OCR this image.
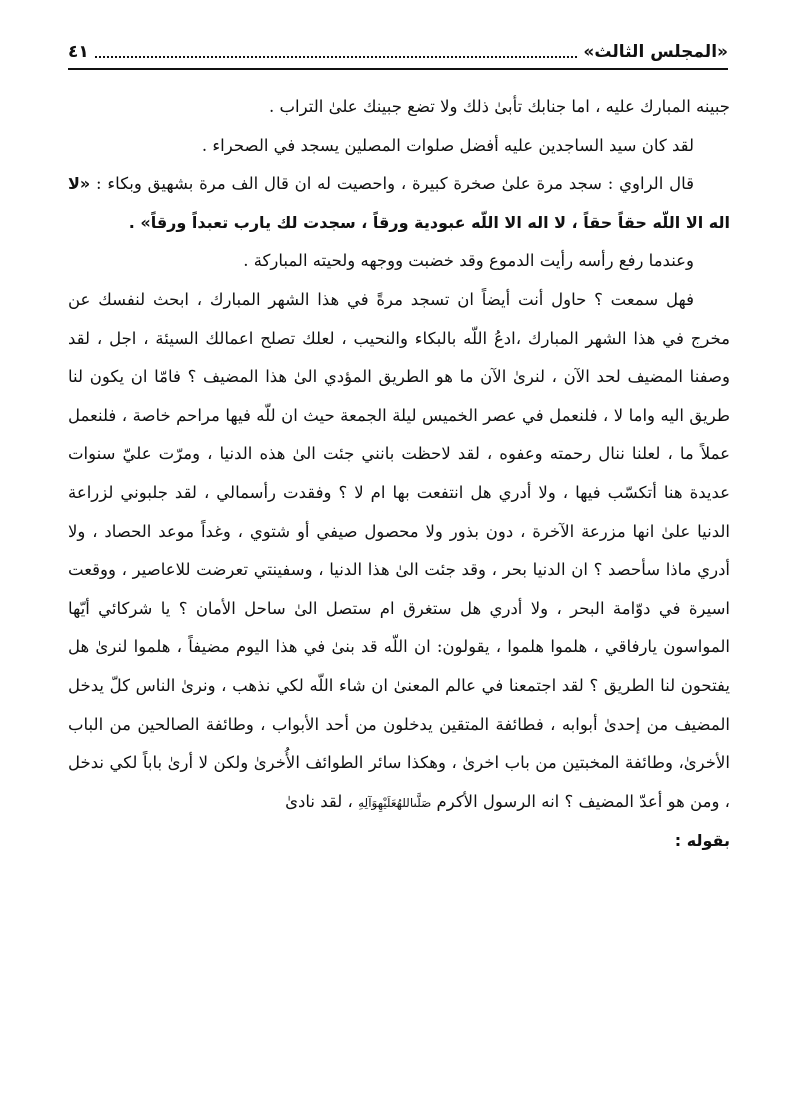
«المجلس الثالث»
٤١

جبينه المبارك عليه ، اما جنابك تأبىٰ ذلك ولا تضع جبينك علىٰ التراب .

لقد كان سيد الساجدين عليه أفضل صلوات المصلين يسجد في الصحراء .

قال الراوي : سجد مرة علىٰ صخرة كبيرة ، واحصيت له ان قال الف مرة بشهيق وبكاء : «لا اله الا اللّه حقاً حقاً ، لا اله الا اللّه عبودية ورقاً ، سجدت لك يارب تعبداً ورقاً» .

وعندما رفع رأسه رأيت الدموع وقد خضبت ووجهه ولحيته المباركة .

فهل سمعت ؟ حاول أنت أيضاً ان تسجد مرةً في هذا الشهر المبارك ، ابحث لنفسك عن مخرج في هذا الشهر المبارك ،ادعُ اللّه بالبكاء والنحيب ، لعلك تصلح اعمالك السيئة ، اجل ، لقد وصفنا المضيف لحد الآن ، لنرىٰ الآن ما هو الطريق المؤدي الىٰ هذا المضيف ؟ فامّا ان يكون لنا طريق اليه واما لا ، فلنعمل في عصر الخميس ليلة الجمعة حيث ان للّه فيها مراحم خاصة ، فلنعمل عملاً ما ، لعلنا ننال رحمته وعفوه ، لقد لاحظت بانني جئت الىٰ هذه الدنيا ، ومرّت عليّ سنوات عديدة هنا أتكسّب فيها ، ولا أدري هل انتفعت بها ام لا ؟ وفقدت رأسمالي ، لقد جلبوني لزراعة الدنيا علىٰ انها مزرعة الآخرة ، دون بذور ولا محصول صيفي أو شتوي ، وغداً موعد الحصاد ، ولا أدري ماذا سأحصد ؟ ان الدنيا بحر ، وقد جئت الىٰ هذا الدنيا ، وسفينتي تعرضت للاعاصير ، ووقعت اسيرة في دوّامة البحر ، ولا أدري هل ستغرق ام ستصل الىٰ ساحل الأمان ؟ يا شركائي أيّها المواسون يارفاقي ، هلموا هلموا ، يقولون: ان اللّه قد بنىٰ في هذا اليوم مضيفاً ، هلموا لنرىٰ هل يفتحون لنا الطريق ؟ لقد اجتمعنا في عالم المعنىٰ ان شاء اللّه لكي نذهب ، ونرىٰ الناس كلّ يدخل المضيف من إحدىٰ أبوابه ، فطائفة المتقين يدخلون من أحد الأبواب ، وطائفة الصالحين من الباب الأخرىٰ، وطائفة المخبتين من باب اخرىٰ ، وهكذا سائر الطوائف الأُخرىٰ ولكن لا أرىٰ باباً لكي ندخل ، ومن هو أعدّ المضيف ؟ انه الرسول الأكرم صَلَّىاللهُعَلَيْهِوَآلِهِ ، لقد نادىٰ

بقوله :
